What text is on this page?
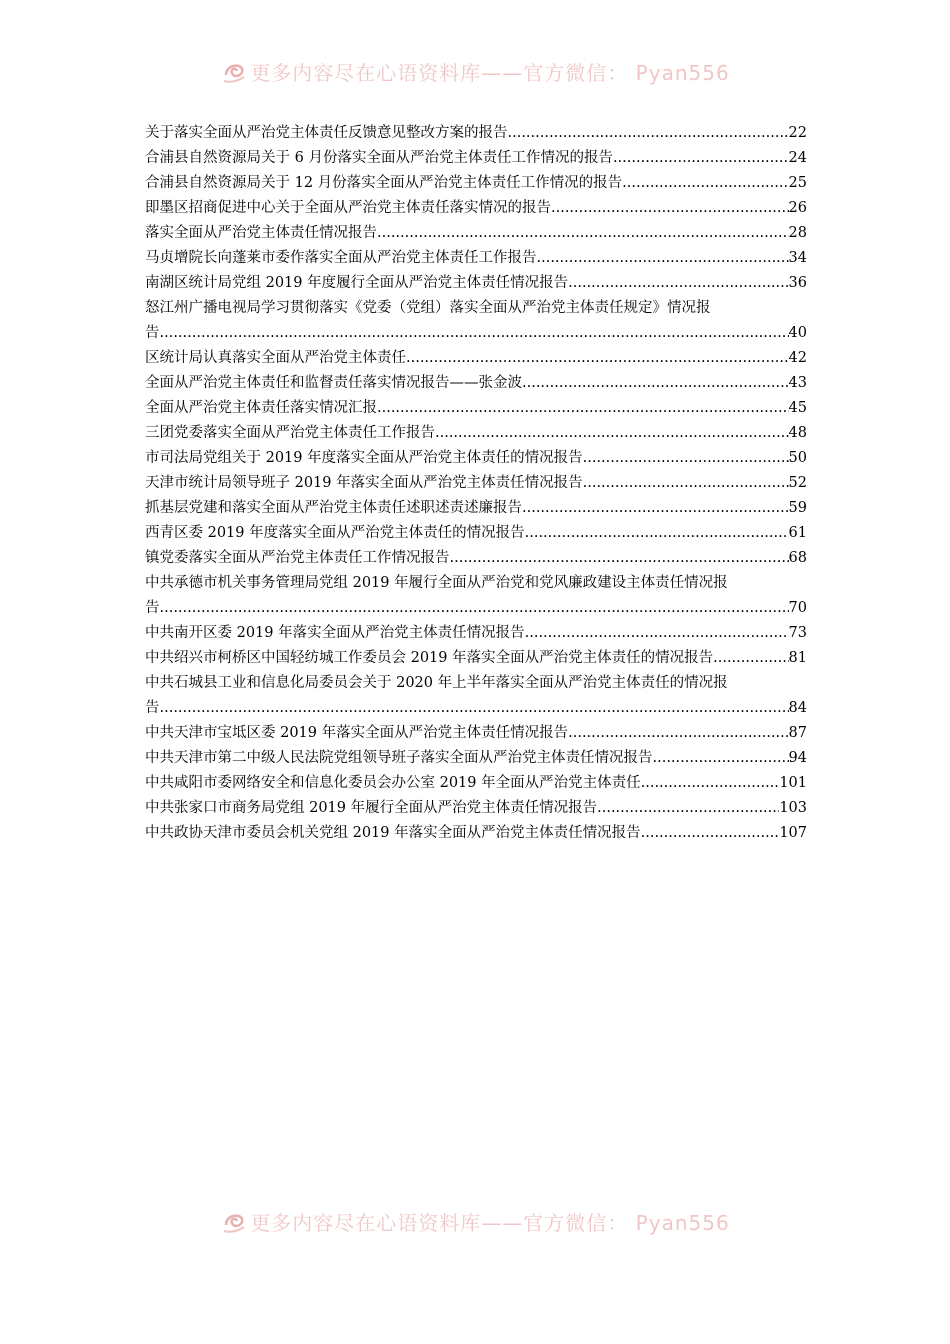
更多内容尽在心语资料库——官方微信： Pyan556
关于落实全面从严治党主体责任反馈意见整改方案的报告 .....	22
合浦县自然资源局关于 6 月份落实全面从严治党主体责任工作情况的报告 .....	24
合浦县自然资源局关于 12 月份落实全面从严治党主体责任工作情况的报告 .....	25
即墨区招商促进中心关于全面从严治党主体责任落实情况的报告 .....	26
落实全面从严治党主体责任情况报告 .....	28
马贞增院长向蓬莱市委作落实全面从严治党主体责任工作报告 .....	34
南湖区统计局党组 2019 年度履行全面从严治党主体责任情况报告 .....	36
怒江州广播电视局学习贯彻落实《党委（党组）落实全面从严治党主体责任规定》情况报
告 .....	40
区统计局认真落实全面从严治党主体责任 .....	42
全面从严治党主体责任和监督责任落实情况报告——张金波 .....	43
全面从严治党主体责任落实情况汇报 .....	45
三团党委落实全面从严治党主体责任工作报告 .....	48
市司法局党组关于 2019 年度落实全面从严治党主体责任的情况报告 .....	50
天津市统计局领导班子 2019 年落实全面从严治党主体责任情况报告 .....	52
抓基层党建和落实全面从严治党主体责任述职述责述廉报告 .....	59
西青区委 2019 年度落实全面从严治党主体责任的情况报告 .....	61
镇党委落实全面从严治党主体责任工作情况报告 .....	68
中共承德市机关事务管理局党组 2019 年履行全面从严治党和党风廉政建设主体责任情况报
告 .....	70
中共南开区委 2019 年落实全面从严治党主体责任情况报告 .....	73
中共绍兴市柯桥区中国轻纺城工作委员会 2019 年落实全面从严治党主体责任的情况报告 .....	81
中共石城县工业和信息化局委员会关于 2020 年上半年落实全面从严治党主体责任的情况报
告 .....	84
中共天津市宝坻区委 2019 年落实全面从严治党主体责任情况报告 .....	87
中共天津市第二中级人民法院党组领导班子落实全面从严治党主体责任情况报告 .....	94
中共咸阳市委网络安全和信息化委员会办公室 2019 年全面从严治党主体责任 .....	101
中共张家口市商务局党组 2019 年履行全面从严治党主体责任情况报告 .....	103
中共政协天津市委员会机关党组 2019 年落实全面从严治党主体责任情况报告 .....	107
更多内容尽在心语资料库——官方微信： Pyan556
